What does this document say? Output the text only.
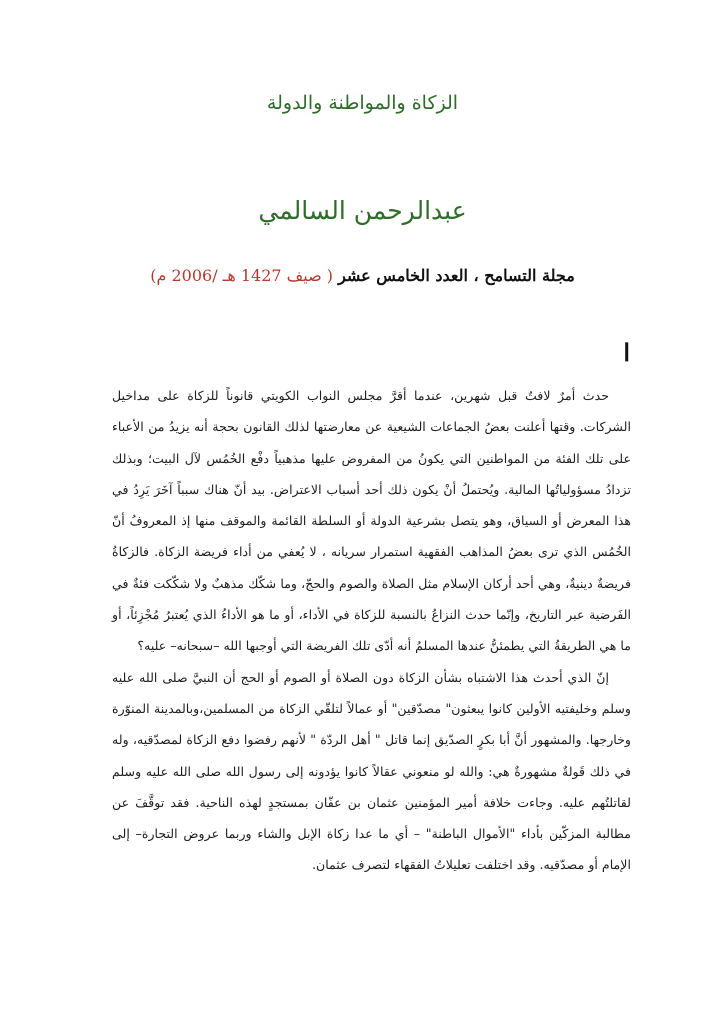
الزكاة والمواطنة والدولة
عبدالرحمن السالمي
مجلة التسامح ، العدد الخامس عشر ( صيف 1427 هـ /2006 م)
ا

حدث أمرٌ لافتٌ قبل شهرين، عندما أقرَّ مجلس النواب الكويتي قانوناً للزكاة على مداخيل الشركات. وقتها أعلنت بعضُ الجماعات الشيعية عن معارضتها لذلك القانون بحجة أنه يزيدُ من الأعباء على تلك الفئة من المواطنين التي يكونُ من المفروض عليها مذهبياً دفْع الخُمُس لآل البيت؛ وبذلك تزدادُ مسؤولياتُها المالية. ويُحتملُ أنْ يكون ذلك أحد أسباب الاعتراض. بيد أنّ هناك سبباً آخَرَ يَرِدُ في هذا المعرض أو السياق، وهو يتصل بشرعية الدولة أو السلطة القائمة والموقف منها إذ المعروفُ أنّ الخُمُس الذي ترى بعضُ المذاهب الفقهية استمرار سريانه ، لا يُعفي من أداء فريضة الزكاة. فالزكاةُ فريضةٌ دينيةٌ، وهي أحد أركان الإسلام مثل الصلاة والصوم والحجّ، وما شكّك مذهبٌ ولا شكّكت فئةٌ في الفَرضية عبر التاريخ، وإنّما حدث النزاعُ بالنسبة للزكاة في الأداء، أو ما هو الأداءُ الذي يُعتبرُ مُجْزِئاً، أو ما هي الطريقةُ التي يطمئنُّ عندها المسلمُ أنه أدّى تلك الفريضة التي أوجبها الله –سبحانه– عليه؟

إنّ الذي أحدث هذا الاشتباه بشأن الزكاة دون الصلاة أو الصوم أو الحج أن النبيَّ صلى الله عليه وسلم وخليفتيه الأولين كانوا يبعثون" مصدّقين" أو عمالاً لتلقّي الزكاة من المسلمين،وبالمدينة المنوّرة وخارجها. والمشهور أنَّ أبا بكرٍ الصدّيق إنما قاتل " أهل الردّة " لأنهم رفضوا دفع الزكاة لمصدّقيه، وله في ذلك قَولةٌ مشهورةٌ هي: والله لو منعوني عقالاً كانوا يؤدونه إلى رسول الله صلى الله عليه وسلم لقاتلتُهم عليه. وجاءت خلافة أمير المؤمنين عثمان بن عفّان بمستجدٍ لهذه الناحية. فقد توقَّفَ عن مطالبة المزكّين بأداء "الأموال الباطنة" – أي ما عدا زكاة الإبل والشاء وربما عروض التجارة– إلى الإمام أو مصدّقيه. وقد اختلفت تعليلاتُ الفقهاء لتصرف عثمان.
